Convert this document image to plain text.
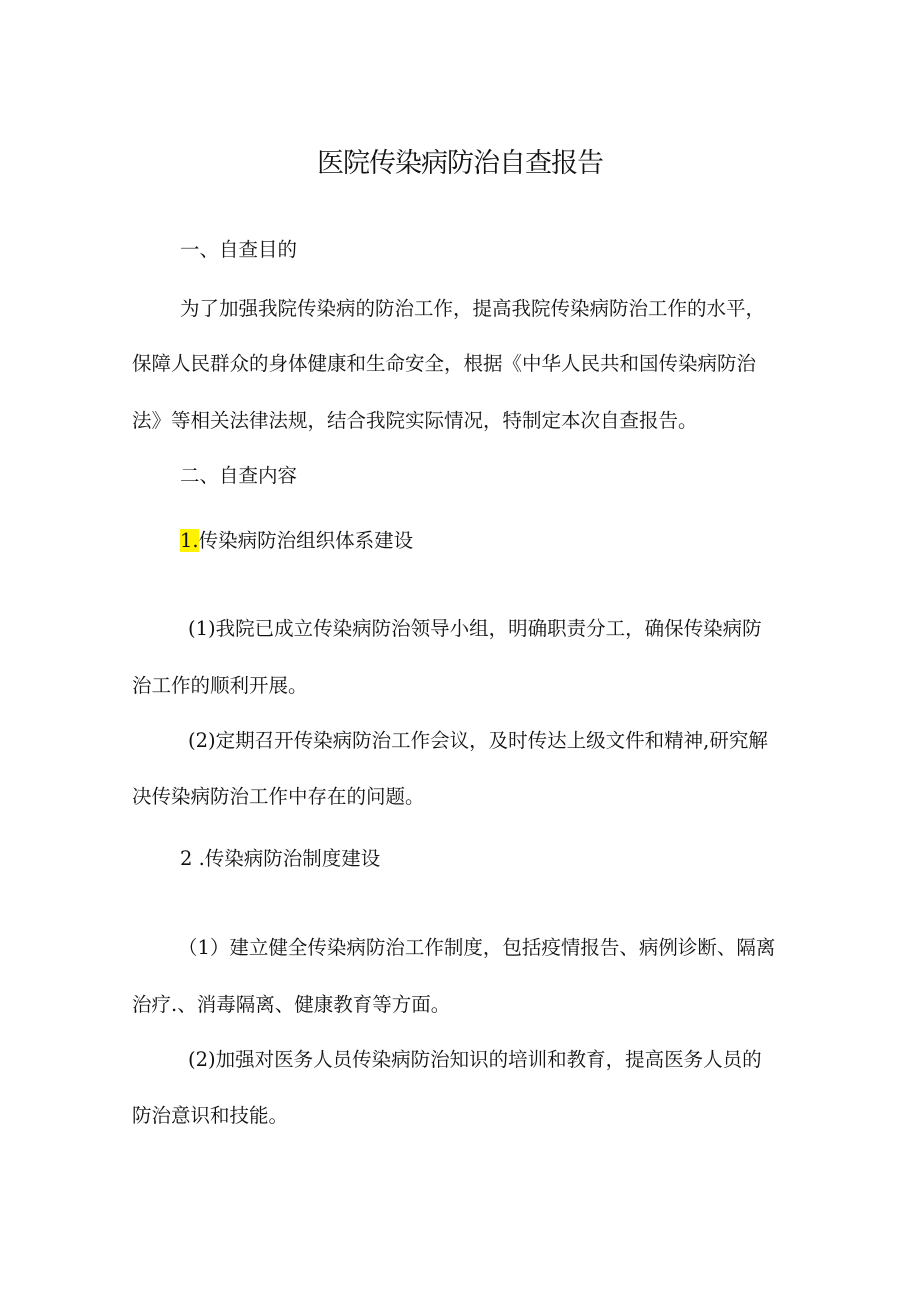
医院传染病防治自查报告
一、自查目的
为了加强我院传染病的防治工作，提高我院传染病防治工作的水平，
保障人民群众的身体健康和生命安全，根据《中华人民共和国传染病防治
法》等相关法律法规，结合我院实际情况，特制定本次自查报告。
二、自查内容
1.传染病防治组织体系建设
(1)我院已成立传染病防治领导小组，明确职责分工，确保传染病防
治工作的顺利开展。
(2)定期召开传染病防治工作会议，及时传达上级文件和精神,研究解
决传染病防治工作中存在的问题。
2 .传染病防治制度建设
（1）建立健全传染病防治工作制度，包括疫情报告、病例诊断、隔离
治疗.、消毒隔离、健康教育等方面。
(2)加强对医务人员传染病防治知识的培训和教育，提高医务人员的
防治意识和技能。
